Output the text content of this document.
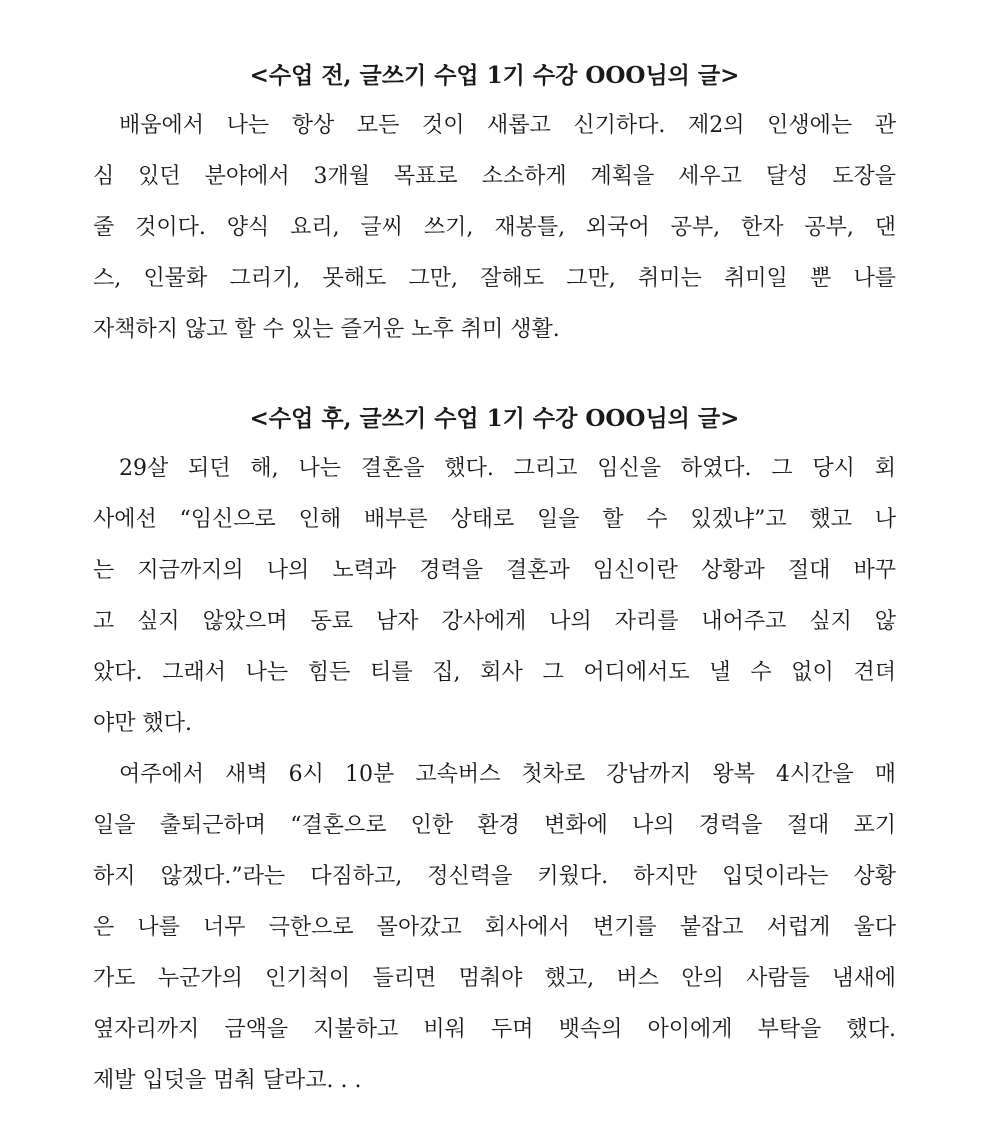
<수업 전, 글쓰기 수업 1기 수강 OOO님의 글>
배움에서 나는 항상 모든 것이 새롭고 신기하다. 제2의 인생에는 관
심 있던 분야에서 3개월 목표로 소소하게 계획을 세우고 달성 도장을
줄 것이다. 양식 요리, 글씨 쓰기, 재봉틀, 외국어 공부, 한자 공부, 댄
스, 인물화 그리기, 못해도 그만, 잘해도 그만, 취미는 취미일 뿐 나를
자책하지 않고 할 수 있는 즐거운 노후 취미 생활.
<수업 후, 글쓰기 수업 1기 수강 OOO님의 글>
29살 되던 해, 나는 결혼을 했다. 그리고 임신을 하였다. 그 당시 회
사에선 “임신으로 인해 배부른 상태로 일을 할 수 있겠냐”고 했고 나
는 지금까지의 나의 노력과 경력을 결혼과 임신이란 상황과 절대 바꾸
고 싶지 않았으며 동료 남자 강사에게 나의 자리를 내어주고 싶지 않
았다. 그래서 나는 힘든 티를 집, 회사 그 어디에서도 낼 수 없이 견뎌
야만 했다.
여주에서 새벽 6시 10분 고속버스 첫차로 강남까지 왕복 4시간을 매
일을 출퇴근하며 “결혼으로 인한 환경 변화에 나의 경력을 절대 포기
하지 않겠다.”라는 다짐하고, 정신력을 키웠다. 하지만 입덧이라는 상황
은 나를 너무 극한으로 몰아갔고 회사에서 변기를 붙잡고 서럽게 울다
가도 누군가의 인기척이 들리면 멈춰야 했고, 버스 안의 사람들 냄새에
옆자리까지 금액을 지불하고 비워 두며 뱃속의 아이에게 부탁을 했다.
제발 입덧을 멈춰 달라고. . .
